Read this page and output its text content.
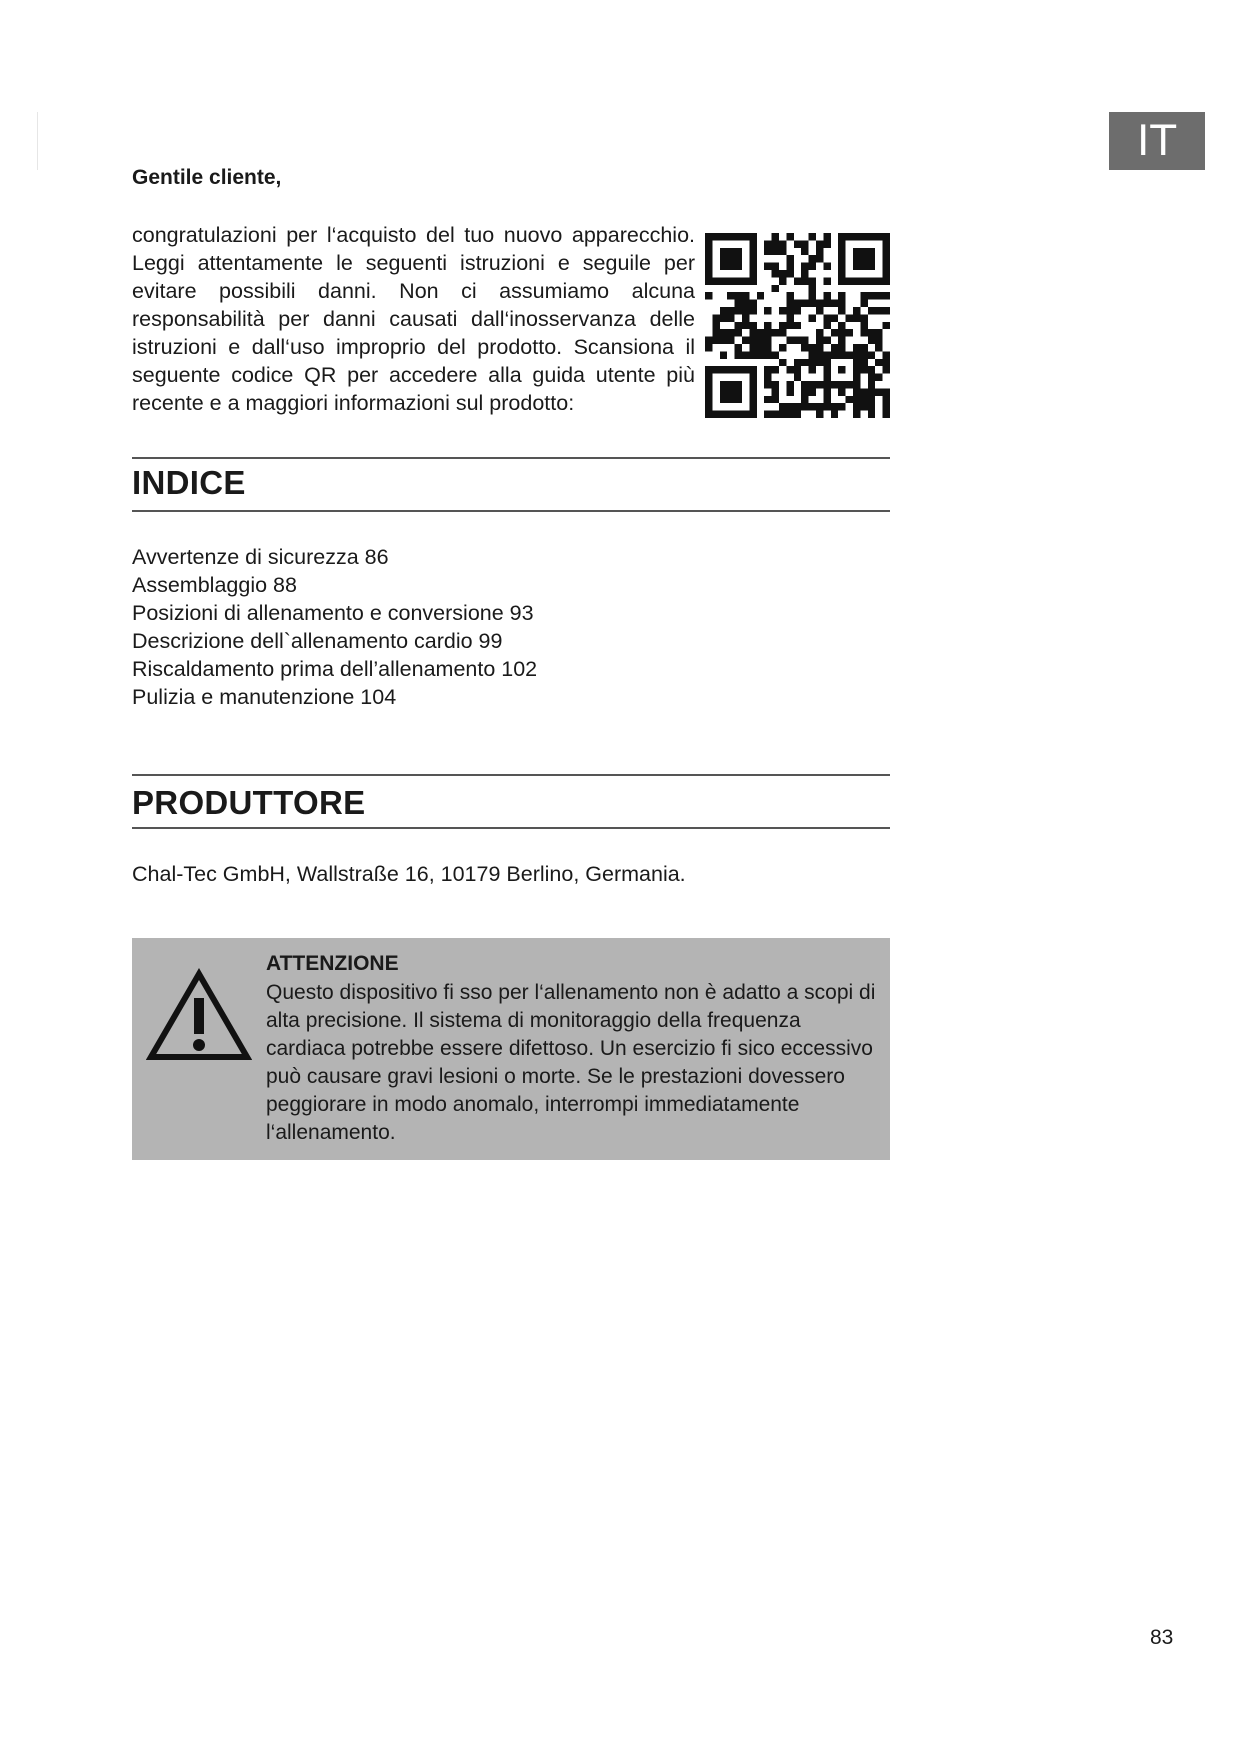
IT
Gentile cliente,

congratulazioni per l‘acquisto del tuo nuovo apparecchio. Leggi attentamente le seguenti istruzioni e seguile per evitare possibili danni. Non ci assumiamo alcuna responsabilità per danni causati dall‘inosservanza delle istruzioni e dall‘uso improprio del prodotto. Scansiona il seguente codice QR per accedere alla guida utente più recente e a maggiori informazioni sul prodotto:

INDICE
Avvertenze di sicurezza 86
Assemblaggio 88
Posizioni di allenamento e conversione 93
Descrizione dell`allenamento cardio 99
Riscaldamento prima dell’allenamento 102
Pulizia e manutenzione 104
PRODUTTORE
Chal-Tec GmbH, Wallstraße 16, 10179 Berlino, Germania.
ATTENZIONE

Questo dispositivo fi sso per l‘allenamento non è adatto a scopi di alta precisione. Il sistema di monitoraggio della frequenza cardiaca potrebbe essere difettoso. Un esercizio fi sico eccessivo può causare gravi lesioni o morte. Se le prestazioni dovessero peggiorare in modo anomalo, interrompi immediatamente l‘allenamento.

83
